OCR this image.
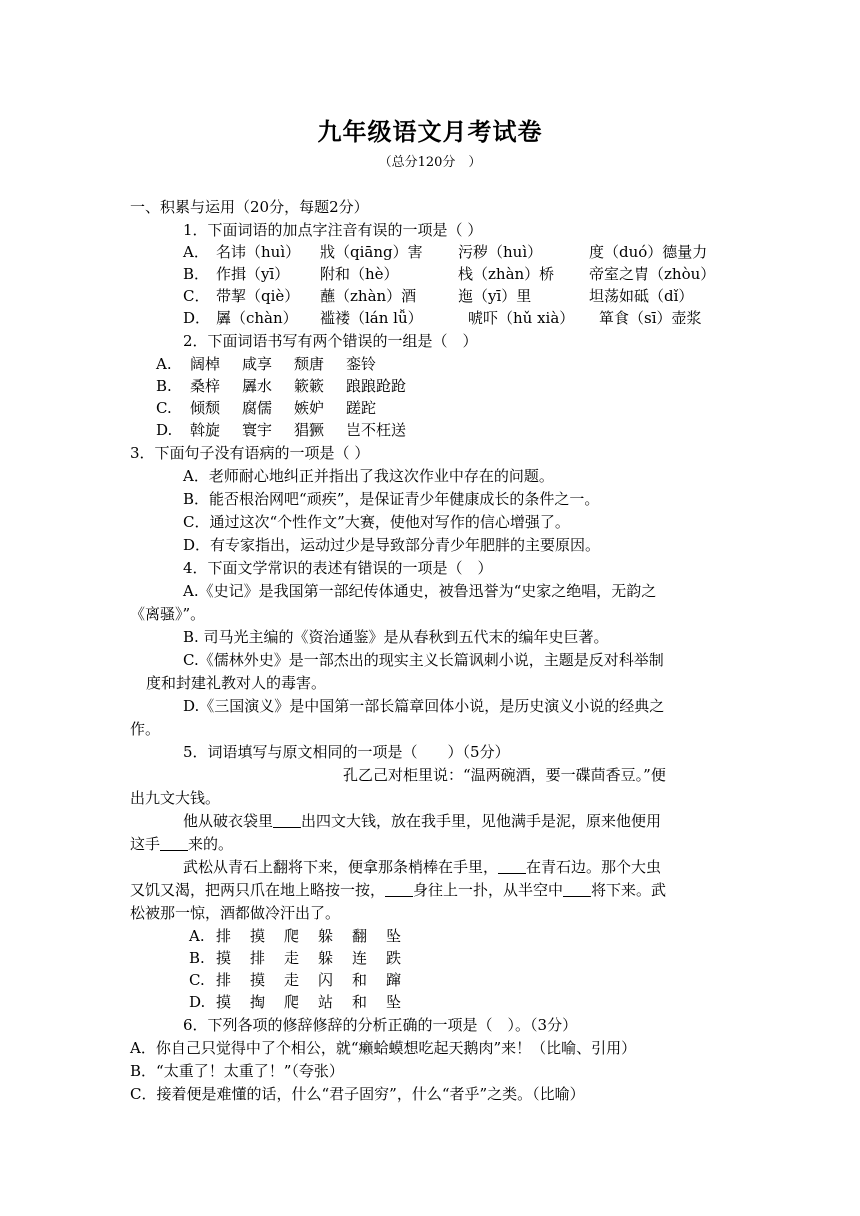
九年级语文月考试卷
（总分120分　）
一、积累与运用（20分，每题2分）
1．下面词语的加点字注音有误的一项是（ ）
A． 名讳（huì） 戕（qiāng）害 污秽（huì）	度（duó）德量力
B． 作揖（yī） 附和（hè）	栈（zhàn）桥 帝室之胄（zhòu）
C． 带挈（qiè） 蘸（zhàn）酒	迤（yī）里	坦荡如砥（dǐ）
D． 羼（chàn） 褴褛（lán lǚ）	唬吓（hǔ xià） 箪食（sī）壶浆
2．下面词语书写有两个错误的一组是（　）
A. 阔棹 咸享 颓唐 銮铃
B. 桑梓 羼水 簌簌 踉踉跄跄
C. 倾颓 腐儒 嫉妒 蹉跎
D. 斡旋 寰宇 猖獗 岂不枉送
3．下面句子没有语病的一项是（ ）
A．老师耐心地纠正并指出了我这次作业中存在的问题。
B．能否根治网吧“顽疾”，是保证青少年健康成长的条件之一。
C．通过这次“个性作文”大赛，使他对写作的信心增强了。
D．有专家指出，运动过少是导致部分青少年肥胖的主要原因。
4．下面文学常识的表述有错误的一项是（　）
A.《史记》是我国第一部纪传体通史，被鲁迅誉为“史家之绝唱，无韵之
《离骚》”。
B. 司马光主编的《资治通鉴》是从春秋到五代末的编年史巨著。
C.《儒林外史》是一部杰出的现实主义长篇讽刺小说，主题是反对科举制
度和封建礼教对人的毒害。
D.《三国演义》是中国第一部长篇章回体小说，是历史演义小说的经典之
作。
5．词语填写与原文相同的一项是（　　）（5分）
孔乙己对柜里说：“温两碗酒，要一碟茴香豆。”便
出九文大钱。
他从破衣袋里 出四文大钱，放在我手里，见他满手是泥，原来他便用
这手 来的。
武松从青石上翻将下来，便拿那条梢棒在手里， 在青石边。那个大虫
又饥又渴，把两只爪在地上略按一按， 身往上一扑，从半空中 将下来。武
松被那一惊，酒都做冷汗出了。
A. 排 摸 爬 躲 翻 坠
B. 摸 排 走 躲 连 跌
C. 排 摸 走 闪 和 蹿
D. 摸 掏 爬 站 和 坠
6．下列各项的修辞修辞的分析正确的一项是（　）。（3分）
A．你自己只觉得中了个相公，就“癞蛤蟆想吃起天鹅肉”来！（比喻、引用）
B．“太重了！太重了！”（夸张）
C．接着便是难懂的话，什么“君子固穷”，什么“者乎”之类。（比喻）
